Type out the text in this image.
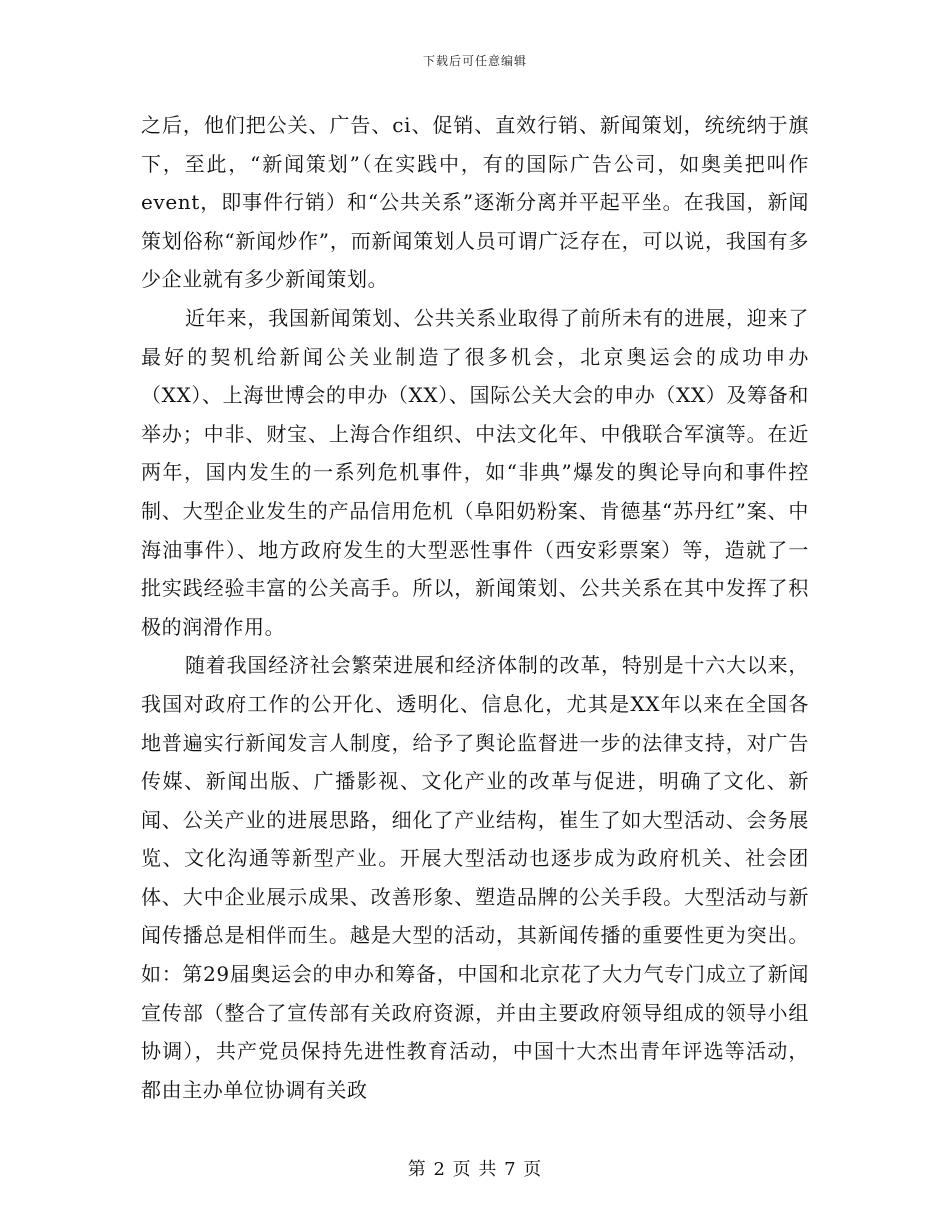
下载后可任意编辑

之后，他们把公关、广告、ci、促销、直效行销、新闻策划，统统纳于旗下，至此，“新闻策划”（在实践中，有的国际广告公司，如奥美把叫作event，即事件行销）和“公共关系”逐渐分离并平起平坐。在我国，新闻策划俗称“新闻炒作”，而新闻策划人员可谓广泛存在，可以说，我国有多少企业就有多少新闻策划。

近年来，我国新闻策划、公共关系业取得了前所未有的进展，迎来了最好的契机给新闻公关业制造了很多机会，北京奥运会的成功申办（XX）、上海世博会的申办（XX）、国际公关大会的申办（XX）及筹备和举办；中非、财宝、上海合作组织、中法文化年、中俄联合军演等。在近两年，国内发生的一系列危机事件，如“非典”爆发的舆论导向和事件控制、大型企业发生的产品信用危机（阜阳奶粉案、肯德基“苏丹红”案、中海油事件）、地方政府发生的大型恶性事件（西安彩票案）等，造就了一批实践经验丰富的公关高手。所以，新闻策划、公共关系在其中发挥了积极的润滑作用。

随着我国经济社会繁荣进展和经济体制的改革，特别是十六大以来，我国对政府工作的公开化、透明化、信息化，尤其是XX年以来在全国各地普遍实行新闻发言人制度，给予了舆论监督进一步的法律支持，对广告传媒、新闻出版、广播影视、文化产业的改革与促进，明确了文化、新闻、公关产业的进展思路，细化了产业结构，崔生了如大型活动、会务展览、文化沟通等新型产业。开展大型活动也逐步成为政府机关、社会团体、大中企业展示成果、改善形象、塑造品牌的公关手段。大型活动与新闻传播总是相伴而生。越是大型的活动，其新闻传播的重要性更为突出。如：第29届奥运会的申办和筹备，中国和北京花了大力气专门成立了新闻宣传部（整合了宣传部有关政府资源，并由主要政府领导组成的领导小组协调），共产党员保持先进性教育活动，中国十大杰出青年评选等活动，都由主办单位协调有关政

第 2 页 共 7 页
